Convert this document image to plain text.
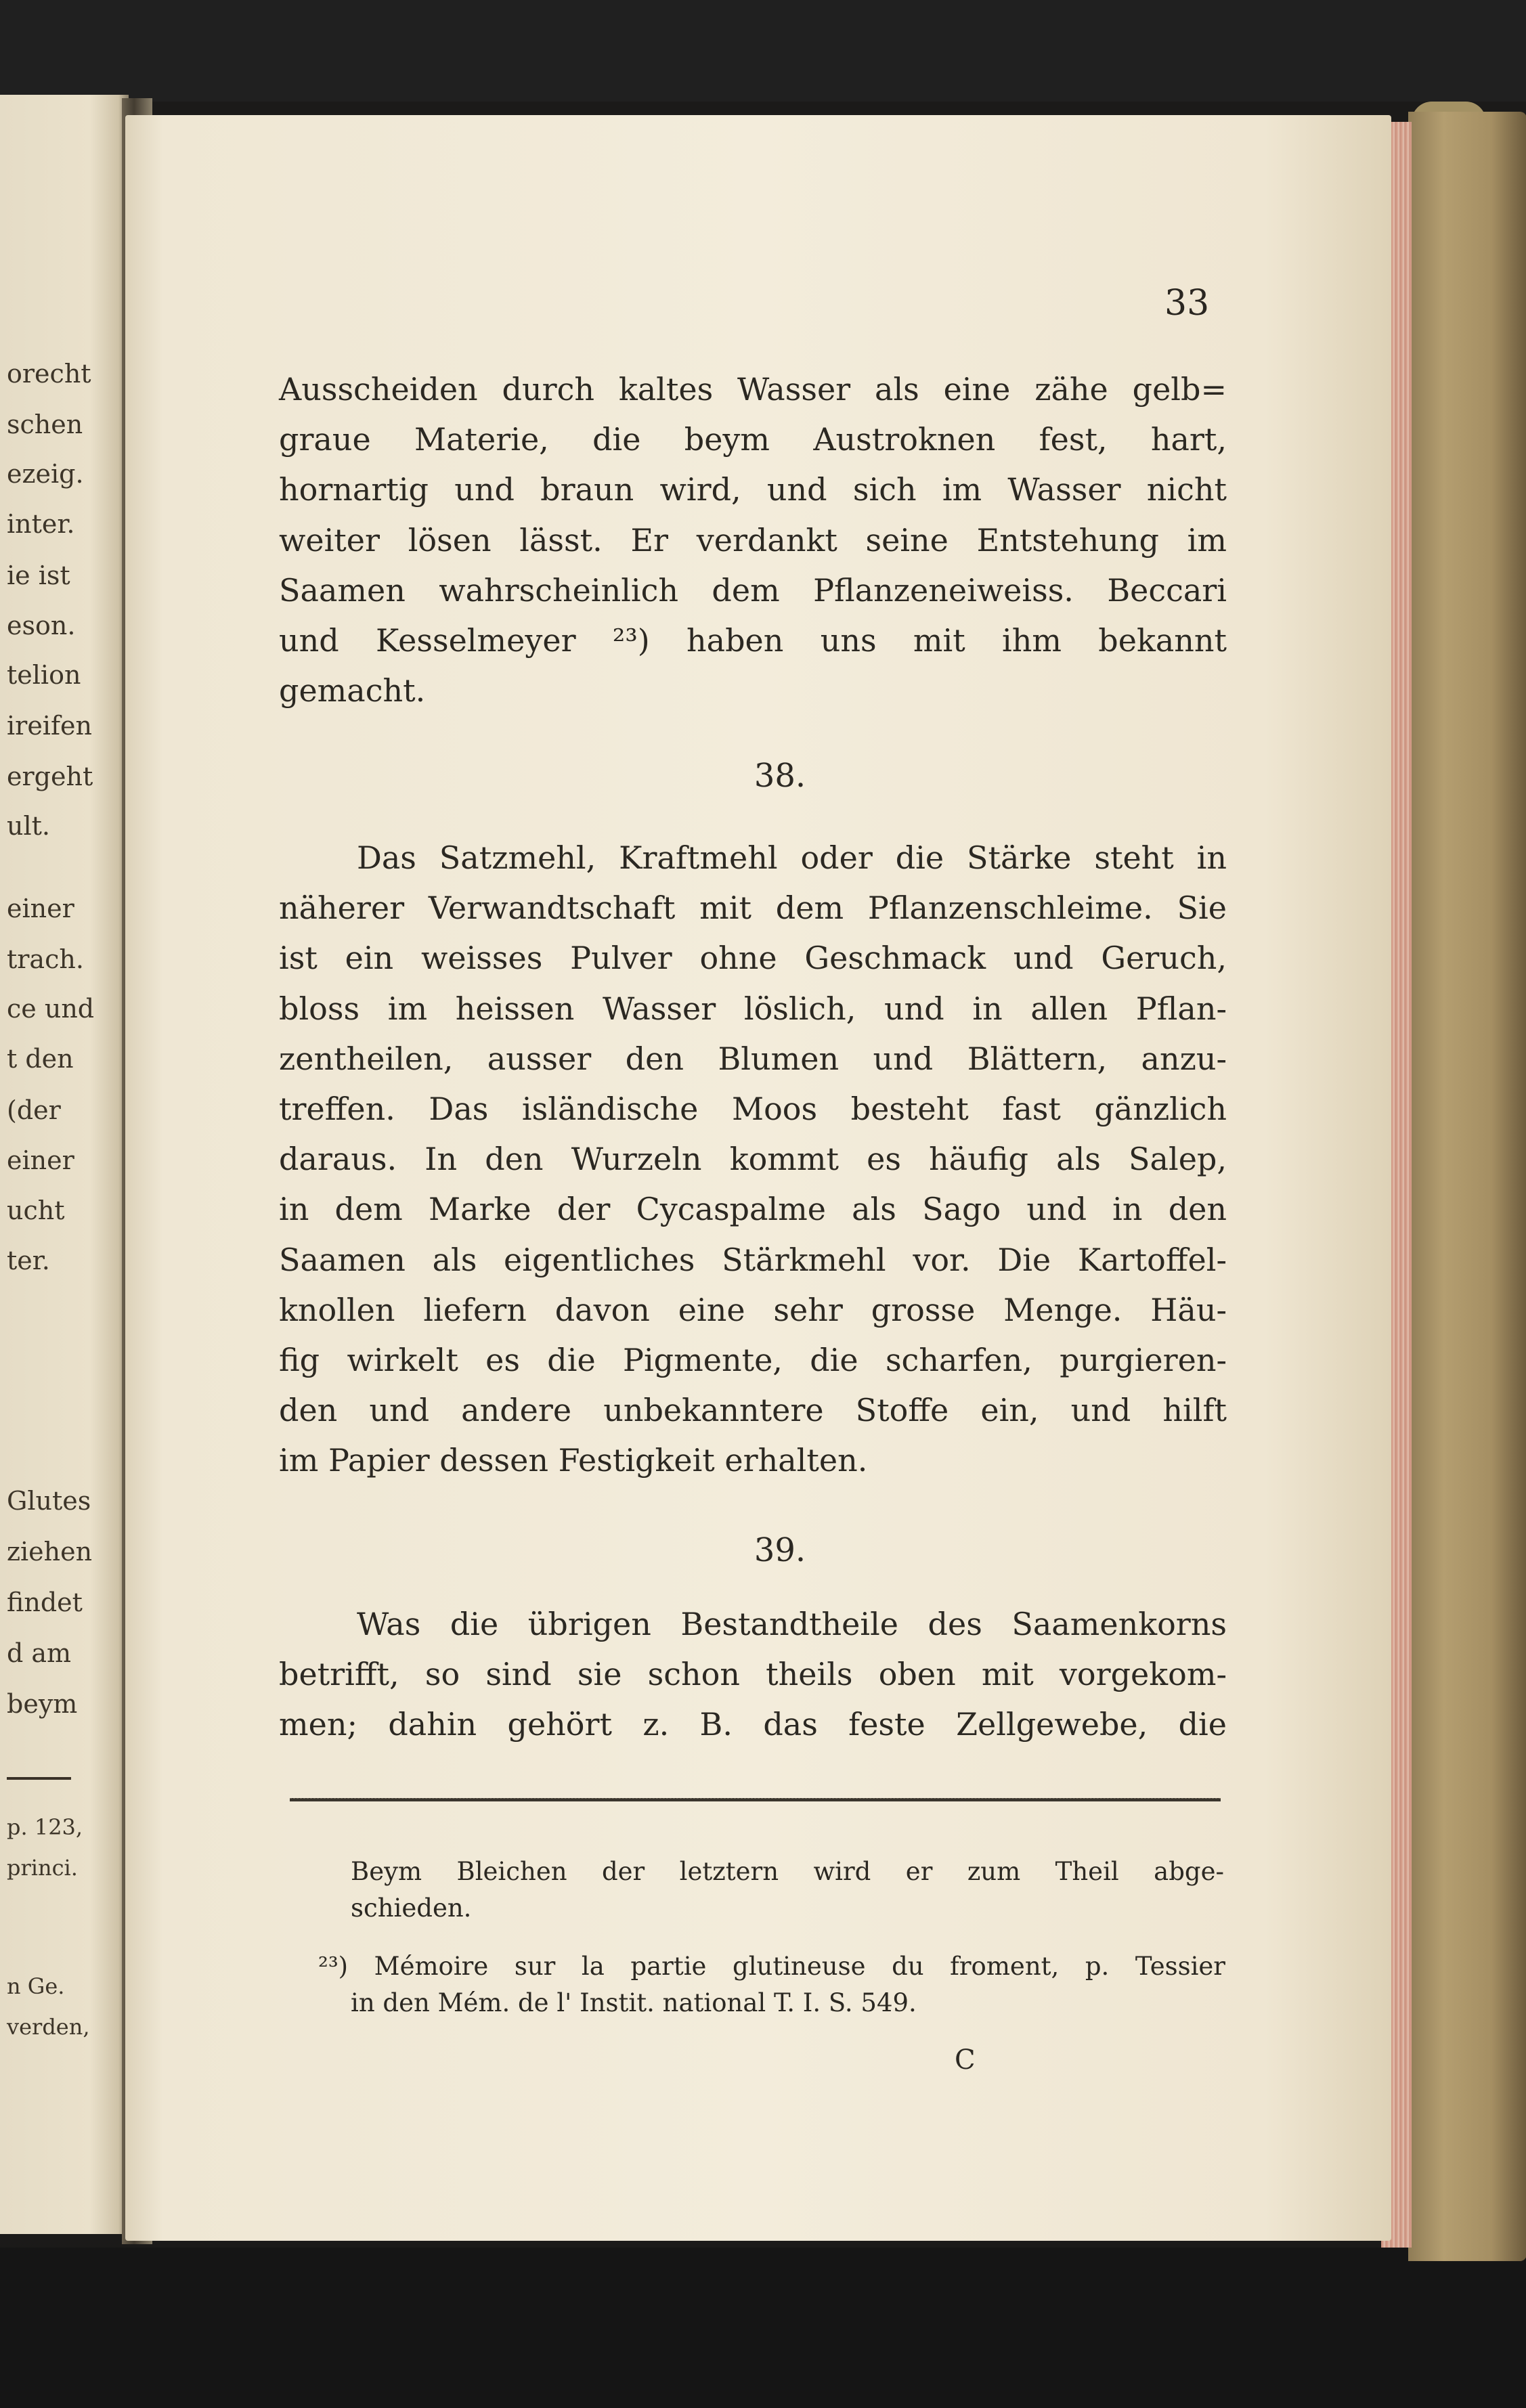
orecht
schen
ezeig.
inter.
ie ist
eson.
telion
ireifen
ergeht
ult.
einer
trach.
ce und
t den
(der
einer
ucht
ter.
Glutes
ziehen
findet
d am
beym
p. 123,
princi.
n Ge.
verden,
33
Ausscheiden durch kaltes Wasser als eine zähe gelb=
graue Materie, die beym Austroknen fest, hart,
hornartig und braun wird, und sich im Wasser nicht
weiter lösen lässt. Er verdankt seine Entstehung im
Saamen wahrscheinlich dem Pflanzeneiweiss. Beccari
und Kesselmeyer ²³) haben uns mit ihm bekannt
gemacht.
38.
Das Satzmehl, Kraftmehl oder die Stärke steht in
näherer Verwandtschaft mit dem Pflanzenschleime. Sie
ist ein weisses Pulver ohne Geschmack und Geruch,
bloss im heissen Wasser löslich, und in allen Pflan-
zentheilen, ausser den Blumen und Blättern, anzu-
treffen. Das isländische Moos besteht fast gänzlich
daraus. In den Wurzeln kommt es häufig als Salep,
in dem Marke der Cycaspalme als Sago und in den
Saamen als eigentliches Stärkmehl vor. Die Kartoffel-
knollen liefern davon eine sehr grosse Menge. Häu-
fig wirkelt es die Pigmente, die scharfen, purgieren-
den und andere unbekanntere Stoffe ein, und hilft
im Papier dessen Festigkeit erhalten.
39.
Was die übrigen Bestandtheile des Saamenkorns
betrifft, so sind sie schon theils oben mit vorgekom-
men; dahin gehört z. B. das feste Zellgewebe, die
Beym Bleichen der letztern wird er zum Theil abge-
schieden.
²³) Mémoire sur la partie glutineuse du froment, p. Tessier
in den Mém. de l' Instit. national T. I. S. 549.
C
